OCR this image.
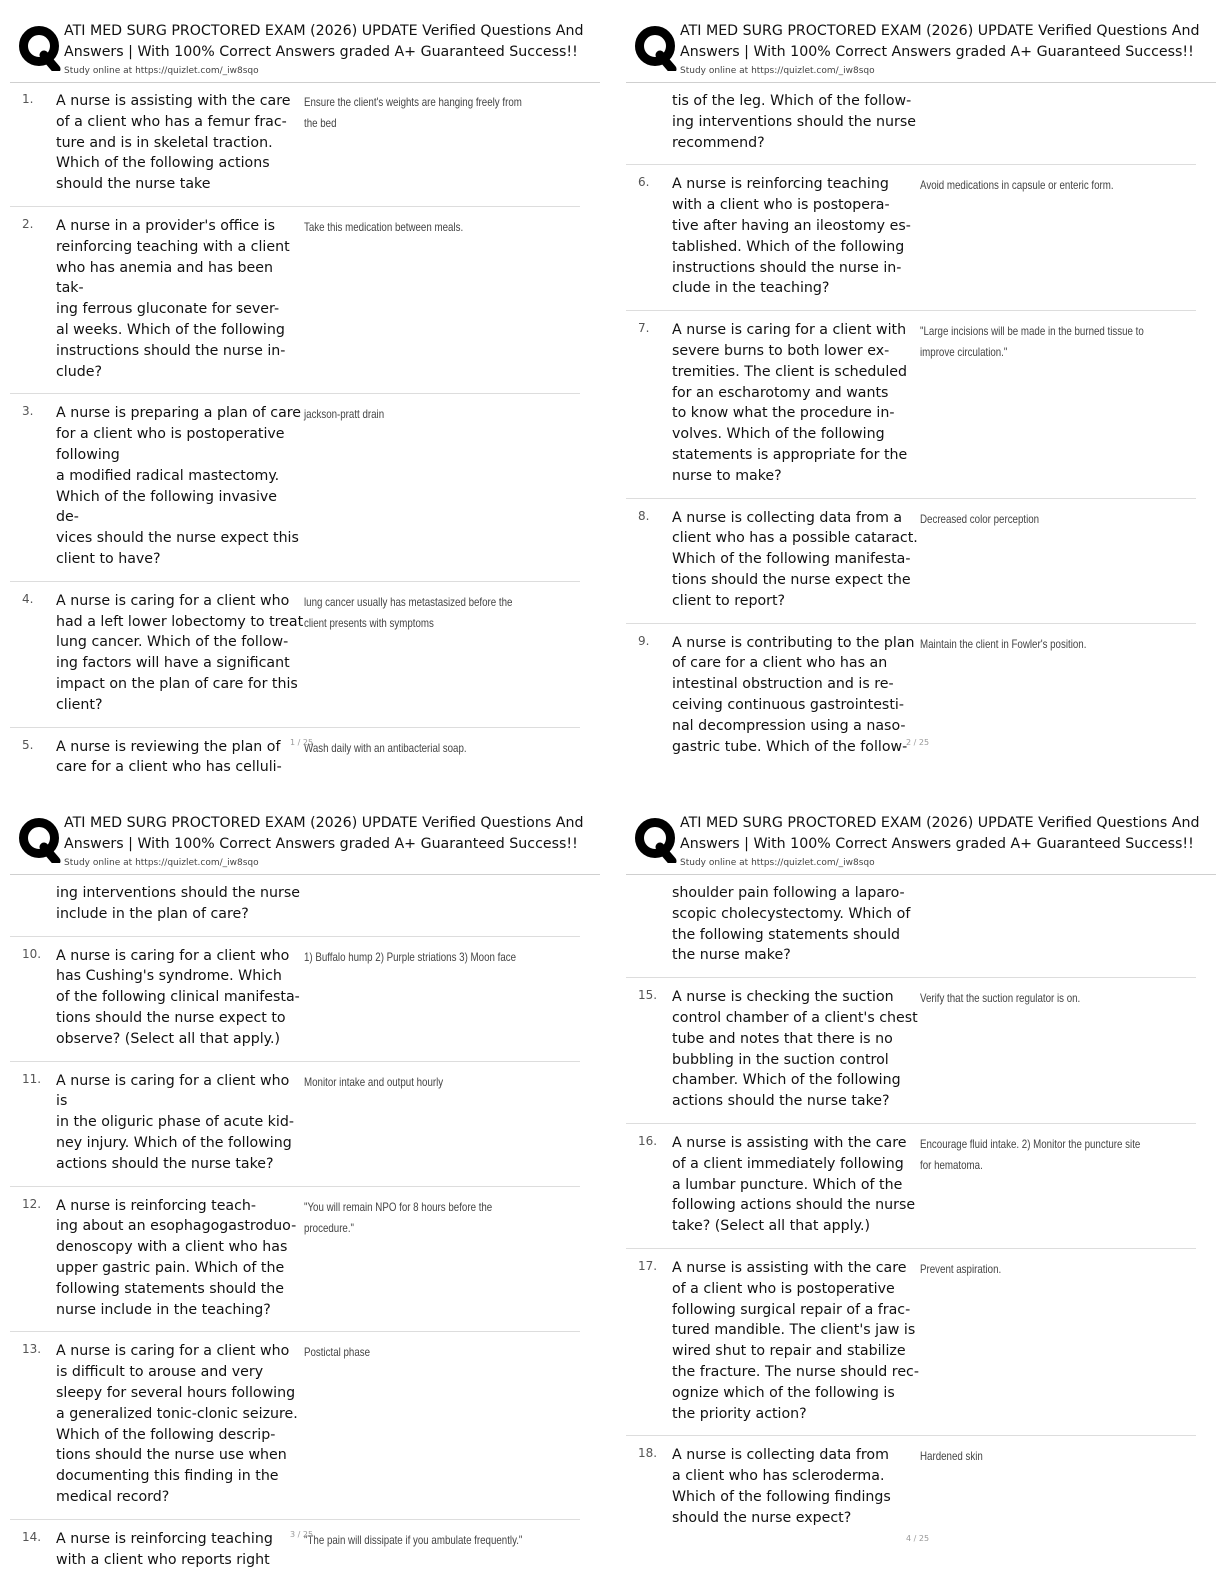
ATI MED SURG PROCTORED EXAM (2026) UPDATE Verified Questions And Answers | With 100% Correct Answers graded A+ Guaranteed Success!!
Study online at https://quizlet.com/_iw8sqo
1. A nurse is assisting with the care
of a client who has a femur frac-
ture and is in skeletal traction.
Which of the following actions
should the nurse take
Ensure the client's weights are hanging freely from the bed
2. A nurse in a provider's office is
reinforcing teaching with a client
who has anemia and has been tak-
ing ferrous gluconate for sever-
al weeks. Which of the following
instructions should the nurse in-
clude?
Take this medication between meals.
3. A nurse is preparing a plan of care
for a client who is postoperative
following
a modified radical mastectomy.
Which of the following invasive de-
vices should the nurse expect this
client to have?
jackson-pratt drain
4. A nurse is caring for a client who
had a left lower lobectomy to treat
lung cancer. Which of the follow-
ing factors will have a significant
impact on the plan of care for this
client?
lung cancer usually has metastasized before the client presents with symptoms
5. A nurse is reviewing the plan of
care for a client who has celluli-
Wash daily with an antibacterial soap.
1 / 25
ATI MED SURG PROCTORED EXAM (2026) UPDATE Verified Questions And Answers | With 100% Correct Answers graded A+ Guaranteed Success!!
Study online at https://quizlet.com/_iw8sqo
tis of the leg. Which of the follow-
ing interventions should the nurse
recommend?
6. A nurse is reinforcing teaching
with a client who is postopera-
tive after having an ileostomy es-
tablished. Which of the following
instructions should the nurse in-
clude in the teaching?
Avoid medications in capsule or enteric form.
7. A nurse is caring for a client with
severe burns to both lower ex-
tremities. The client is scheduled
for an escharotomy and wants
to know what the procedure in-
volves. Which of the following
statements is appropriate for the
nurse to make?
"Large incisions will be made in the burned tissue to improve circulation."
8. A nurse is collecting data from a
client who has a possible cataract.
Which of the following manifesta-
tions should the nurse expect the
client to report?
Decreased color perception
9. A nurse is contributing to the plan
of care for a client who has an
intestinal obstruction and is re-
ceiving continuous gastrointesti-
nal decompression using a naso-
gastric tube. Which of the follow-
Maintain the client in Fowler's position.
2 / 25
ATI MED SURG PROCTORED EXAM (2026) UPDATE Verified Questions And Answers | With 100% Correct Answers graded A+ Guaranteed Success!!
Study online at https://quizlet.com/_iw8sqo
ing interventions should the nurse
include in the plan of care?
10. A nurse is caring for a client who
has Cushing's syndrome. Which
of the following clinical manifesta-
tions should the nurse expect to
observe? (Select all that apply.)
1) Buffalo hump 2) Purple striations 3) Moon face
11. A nurse is caring for a client who is
in the oliguric phase of acute kid-
ney injury. Which of the following
actions should the nurse take?
Monitor intake and output hourly
12. A nurse is reinforcing teach-
ing about an esophagogastroduo-
denoscopy with a client who has
upper gastric pain. Which of the
following statements should the
nurse include in the teaching?
"You will remain NPO for 8 hours before the procedure."
13. A nurse is caring for a client who
is difficult to arouse and very
sleepy for several hours following
a generalized tonic-clonic seizure.
Which of the following descrip-
tions should the nurse use when
documenting this finding in the
medical record?
Postictal phase
14. A nurse is reinforcing teaching
with a client who reports right
"The pain will dissipate if you ambulate frequently."
3 / 25
ATI MED SURG PROCTORED EXAM (2026) UPDATE Verified Questions And Answers | With 100% Correct Answers graded A+ Guaranteed Success!!
Study online at https://quizlet.com/_iw8sqo
shoulder pain following a laparo-
scopic cholecystectomy. Which of
the following statements should
the nurse make?
15. A nurse is checking the suction
control chamber of a client's chest
tube and notes that there is no
bubbling in the suction control
chamber. Which of the following
actions should the nurse take?
Verify that the suction regulator is on.
16. A nurse is assisting with the care
of a client immediately following
a lumbar puncture. Which of the
following actions should the nurse
take? (Select all that apply.)
Encourage fluid intake. 2) Monitor the puncture site for hematoma.
17. A nurse is assisting with the care
of a client who is postoperative
following surgical repair of a frac-
tured mandible. The client's jaw is
wired shut to repair and stabilize
the fracture. The nurse should rec-
ognize which of the following is
the priority action?
Prevent aspiration.
18. A nurse is collecting data from
a client who has scleroderma.
Which of the following findings
should the nurse expect?
Hardened skin
4 / 25
